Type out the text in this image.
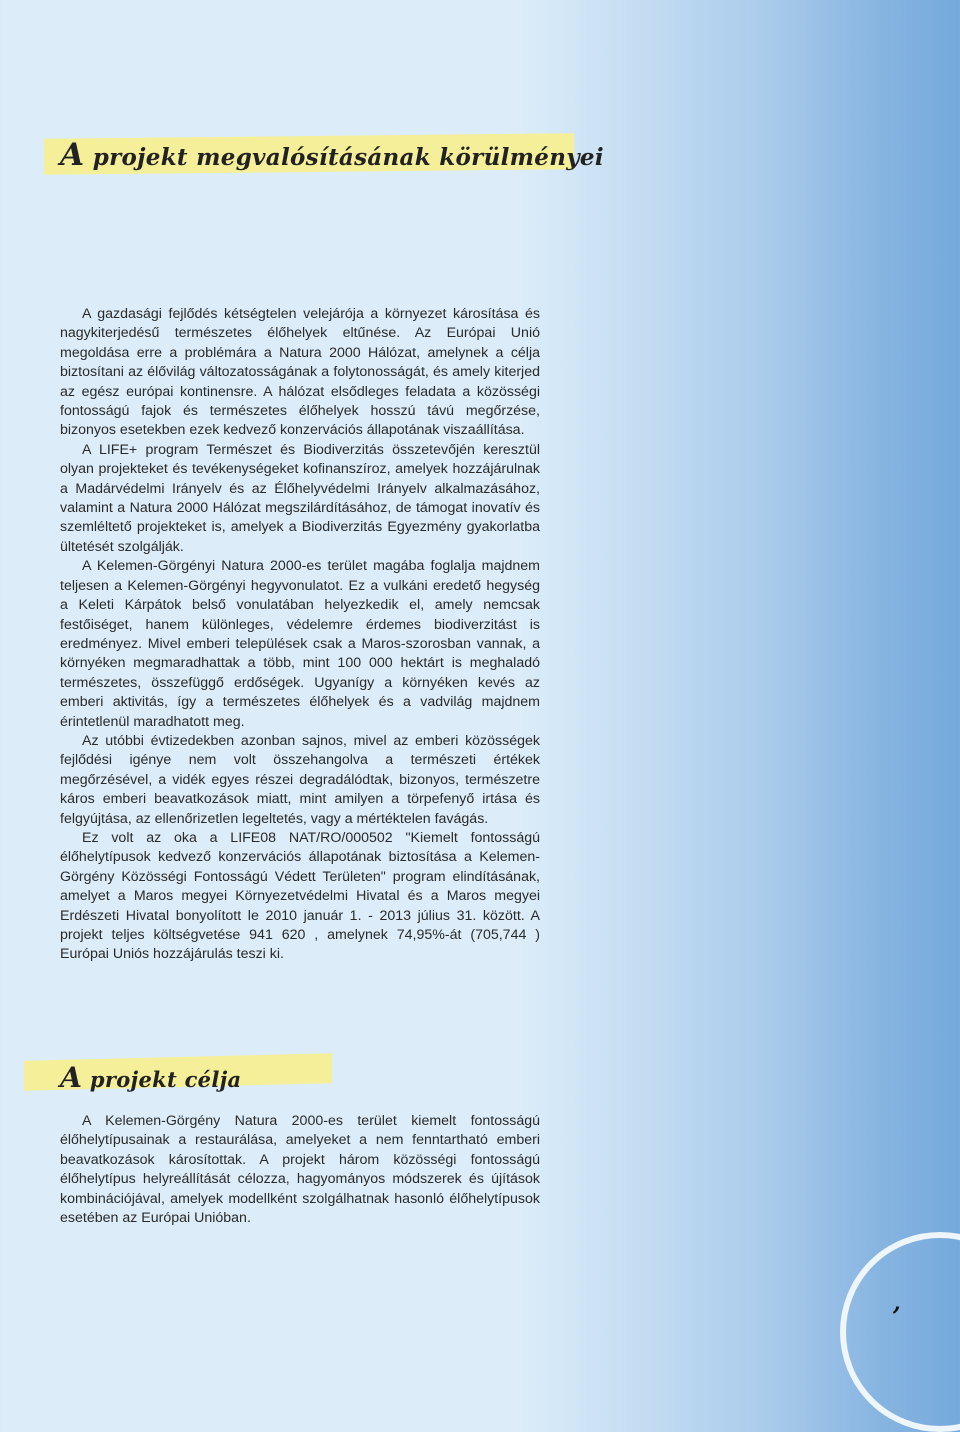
A projekt megvalósításának körülményei

A gazdasági fejlődés kétségtelen velejárója a környezet károsítása és nagykiterjedésű természetes élőhelyek eltűnése. Az Európai Unió megoldása erre a problémára a Natura 2000 Hálózat, amelynek a célja biztosítani az élővilág változatosságának a folytonosságát, és amely kiterjed az egész európai kontinensre. A hálózat elsődleges feladata a közösségi fontosságú fajok és természetes élőhelyek hosszú távú megőrzése, bizonyos esetekben ezek kedvező konzervációs állapotának viszaállítása.

A LIFE+ program Természet és Biodiverzitás összetevőjén keresztül olyan projekteket és tevékenységeket kofinanszíroz, amelyek hozzájárulnak a Madárvédelmi Irányelv és az Élőhelyvédelmi Irányelv alkalmazásához, valamint a Natura 2000 Hálózat megszilárdításához, de támogat inovatív és szemléltető projekteket is, amelyek a Biodiverzitás Egyezmény gyakorlatba ültetését szolgálják.

A Kelemen-Görgényi Natura 2000-es terület magába foglalja majdnem teljesen a Kelemen-Görgényi hegyvonulatot. Ez a vulkáni eredető hegység a Keleti Kárpátok belső vonulatában helyezkedik el, amely nemcsak festőiséget, hanem különleges, védelemre érdemes biodiverzitást is eredményez. Mivel emberi települések csak a Maros-szorosban vannak, a környéken megmaradhattak a több, mint 100 000 hektárt is meghaladó természetes, összefüggő erdőségek. Ugyanígy a környéken kevés az emberi aktivitás, így a természetes élőhelyek és a vadvilág majdnem érintetlenül maradhatott meg.

Az utóbbi évtizedekben azonban sajnos, mivel az emberi közösségek fejlődési igénye nem volt összehangolva a természeti értékek megőrzésével, a vidék egyes részei degradálódtak, bizonyos, természetre káros emberi beavatkozások miatt, mint amilyen a törpefenyő irtása és felgyújtása, az ellenőrizetlen legeltetés, vagy a mértéktelen favágás.

Ez volt az oka a LIFE08 NAT/RO/000502 "Kiemelt fontosságú élőhelytípusok kedvező konzervációs állapotának biztosítása a Kelemen-Görgény Közösségi Fontosságú Védett Területen" program elindításának, amelyet a Maros megyei Környezetvédelmi Hivatal és a Maros megyei Erdészeti Hivatal bonyolított le 2010 január 1. - 2013 július 31. között. A projekt teljes költségvetése 941 620 , amelynek 74,95%-át (705,744 ) Európai Uniós hozzájárulás teszi ki.

A projekt célja

A Kelemen-Görgény Natura 2000-es terület kiemelt fontosságú élőhelytípusainak a restaurálása, amelyeket a nem fenntartható emberi beavatkozások károsítottak. A projekt három közösségi fontosságú élőhelytípus helyreállítását célozza, hagyományos módszerek és újítások kombinációjával, amelyek modellként szolgálhatnak hasonló élőhelytípusok esetében az Európai Unióban.

,
